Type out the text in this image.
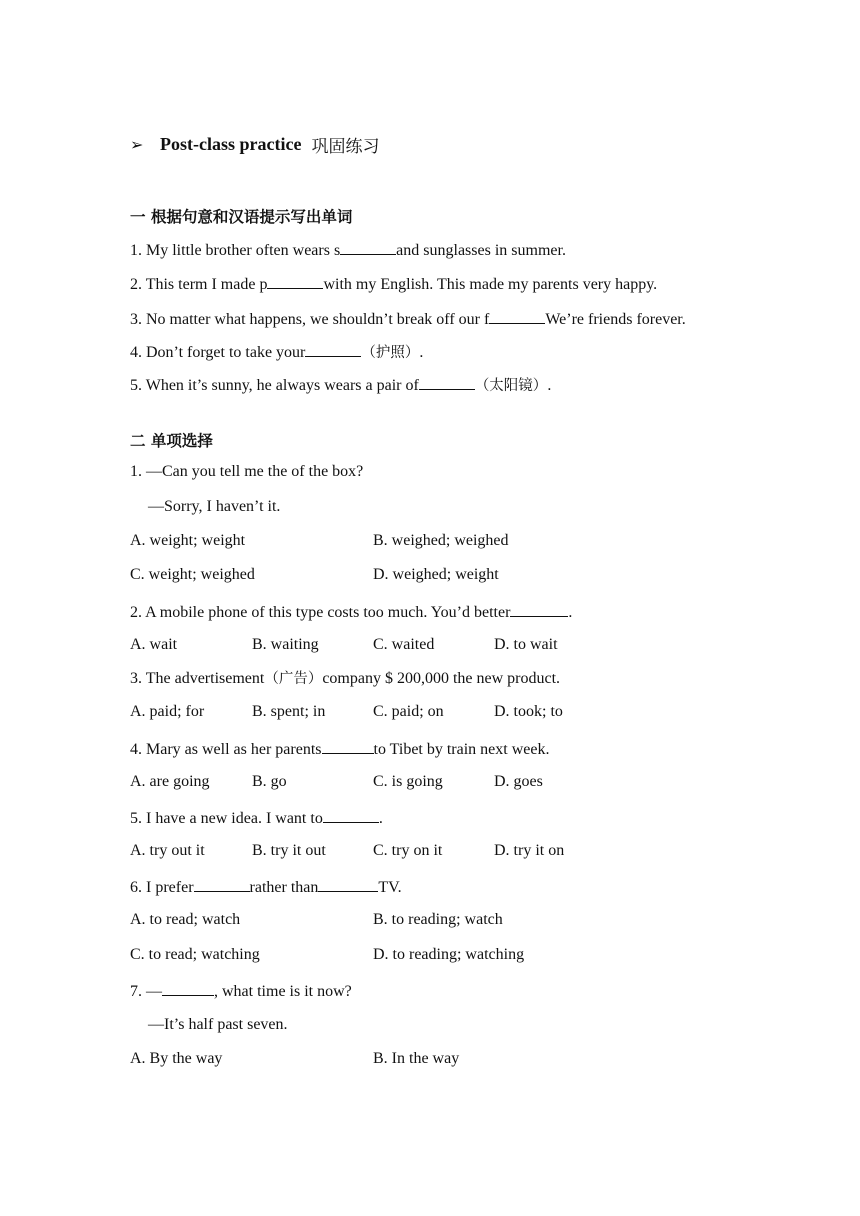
➢ Post-class practice 巩固练习
一 根据句意和汉语提示写出单词
1. My little brother often wears s	and sunglasses in summer.
2. This term I made p	with my English. This made my parents very happy.
3. No matter what happens, we shouldn’t break off our f	We’re friends forever.
4. Don’t forget to take your	（护照）.
5. When it’s sunny, he always wears a pair of	（太阳镜）.
二 单项选择
1. —Can you tell me the of the box?
—Sorry, I haven’t it.
A. weight; weight	B. weighed; weighed
C. weight; weighed	D. weighed; weight
2. A mobile phone of this type costs too much. You’d better	.
A. wait	B. waiting	C. waited	D. to wait
3. The advertisement（广告）company $ 200,000 the new product.
A. paid; for	B. spent; in	C. paid; on	D. took; to
4. Mary as well as her parents	to Tibet by train next week.
A. are going	B. go	C. is going	D. goes
5. I have a new idea. I want to	.
A. try out it	B. try it out	C. try on it	D. try it on
6. I prefer	rather than	TV.
A. to read; watch	B. to reading; watch
C. to read; watching	D. to reading; watching
7. —	, what time is it now?
—It’s half past seven.
A. By the way	B. In the way
